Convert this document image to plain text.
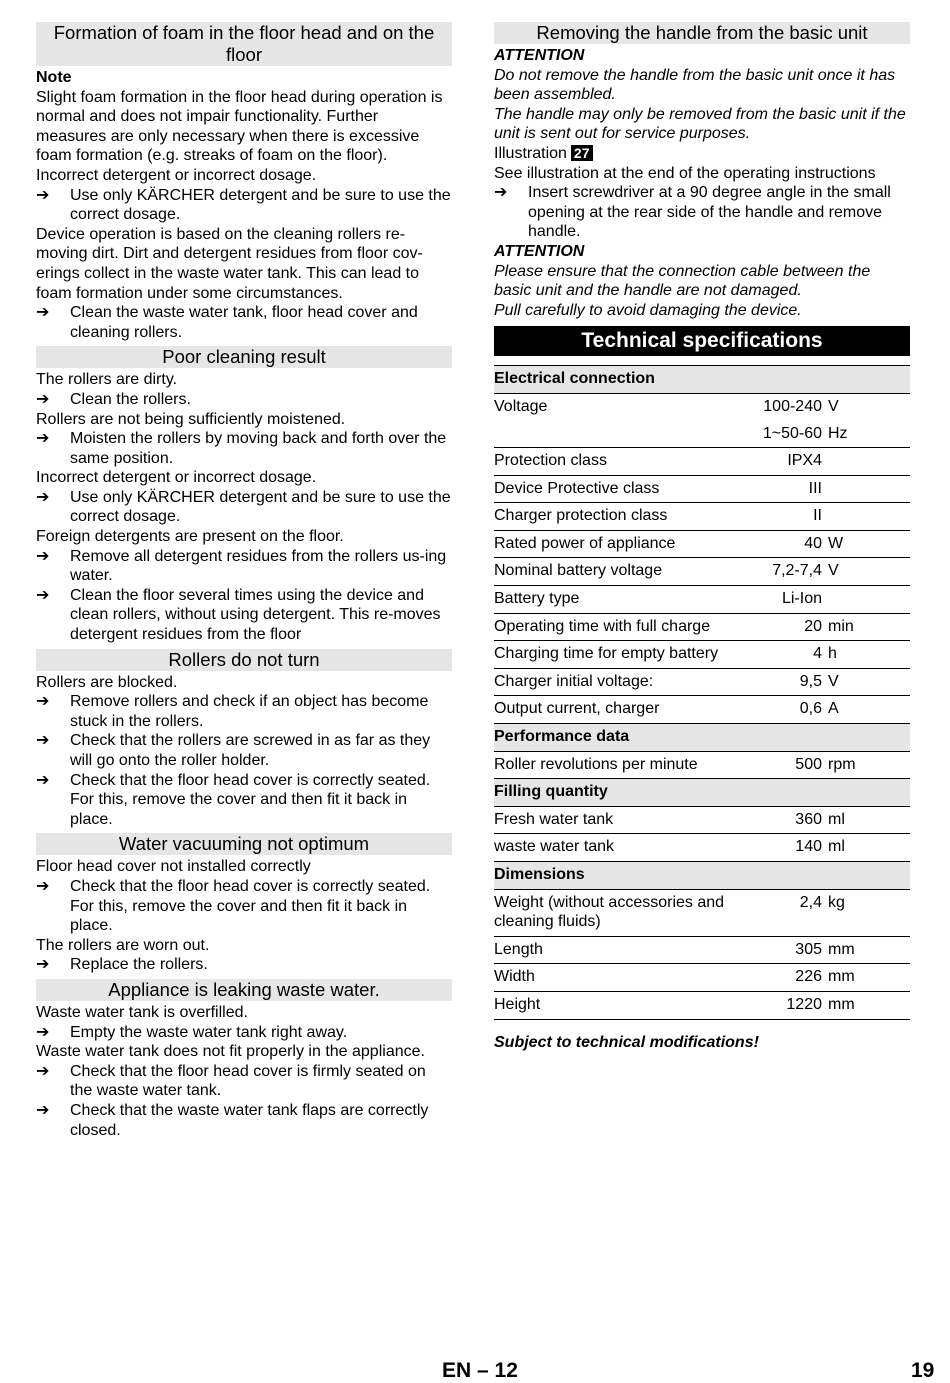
Formation of foam in the floor head and on the floor
Note
Slight foam formation in the floor head during operation is normal and does not impair functionality. Further measures are only necessary when there is excessive foam formation (e.g. streaks of foam on the floor).
Incorrect detergent or incorrect dosage.
➔	Use only KÄRCHER detergent and be sure to use the correct dosage.
Device operation is based on the cleaning rollers re-moving dirt. Dirt and detergent residues from floor cov-erings collect in the waste water tank. This can lead to foam formation under some circumstances.
➔	Clean the waste water tank, floor head cover and cleaning rollers.
Poor cleaning result
The rollers are dirty.
➔	Clean the rollers.
Rollers are not being sufficiently moistened.
➔	Moisten the rollers by moving back and forth over the same position.
Incorrect detergent or incorrect dosage.
➔	Use only KÄRCHER detergent and be sure to use the correct dosage.
Foreign detergents are present on the floor.
➔	Remove all detergent residues from the rollers us-ing water.
➔	Clean the floor several times using the device and clean rollers, without using detergent. This re-moves detergent residues from the floor
Rollers do not turn
Rollers are blocked.
➔	Remove rollers and check if an object has become stuck in the rollers.
➔	Check that the rollers are screwed in as far as they will go onto the roller holder.
➔	Check that the floor head cover is correctly seated. For this, remove the cover and then fit it back in place.
Water vacuuming not optimum
Floor head cover not installed correctly
➔	Check that the floor head cover is correctly seated. For this, remove the cover and then fit it back in place.
The rollers are worn out.
➔	Replace the rollers.
Appliance is leaking waste water.
Waste water tank is overfilled.
➔	Empty the waste water tank right away.
Waste water tank does not fit properly in the appliance.
➔	Check that the floor head cover is firmly seated on the waste water tank.
➔	Check that the waste water tank flaps are correctly closed.
Removing the handle from the basic unit
ATTENTION
Do not remove the handle from the basic unit once it has been assembled.
The handle may only be removed from the basic unit if the unit is sent out for service purposes.
Illustration 27
See illustration at the end of the operating instructions
➔	Insert screwdriver at a 90 degree angle in the small opening at the rear side of the handle and remove handle.
ATTENTION
Please ensure that the connection cable between the basic unit and the handle are not damaged.
Pull carefully to avoid damaging the device.
Technical specifications
Electrical connection		
Voltage	100-240	V
	1~50-60	Hz
Protection class	IPX4	
Device Protective class	III	
Charger protection class	II	
Rated power of appliance	40	W
Nominal battery voltage	7,2-7,4	V
Battery type	Li-Ion	
Operating time with full charge	20	min
Charging time for empty battery	4	h
Charger initial voltage:	9,5	V
Output current, charger	0,6	A
Performance data		
Roller revolutions per minute	500	rpm
Filling quantity		
Fresh water tank	360	ml
waste water tank	140	ml
Dimensions		
Weight (without accessories and cleaning fluids)	2,4	kg
Length	305	mm
Width	226	mm
Height	1220	mm
Subject to technical modifications!
EN – 12	19
